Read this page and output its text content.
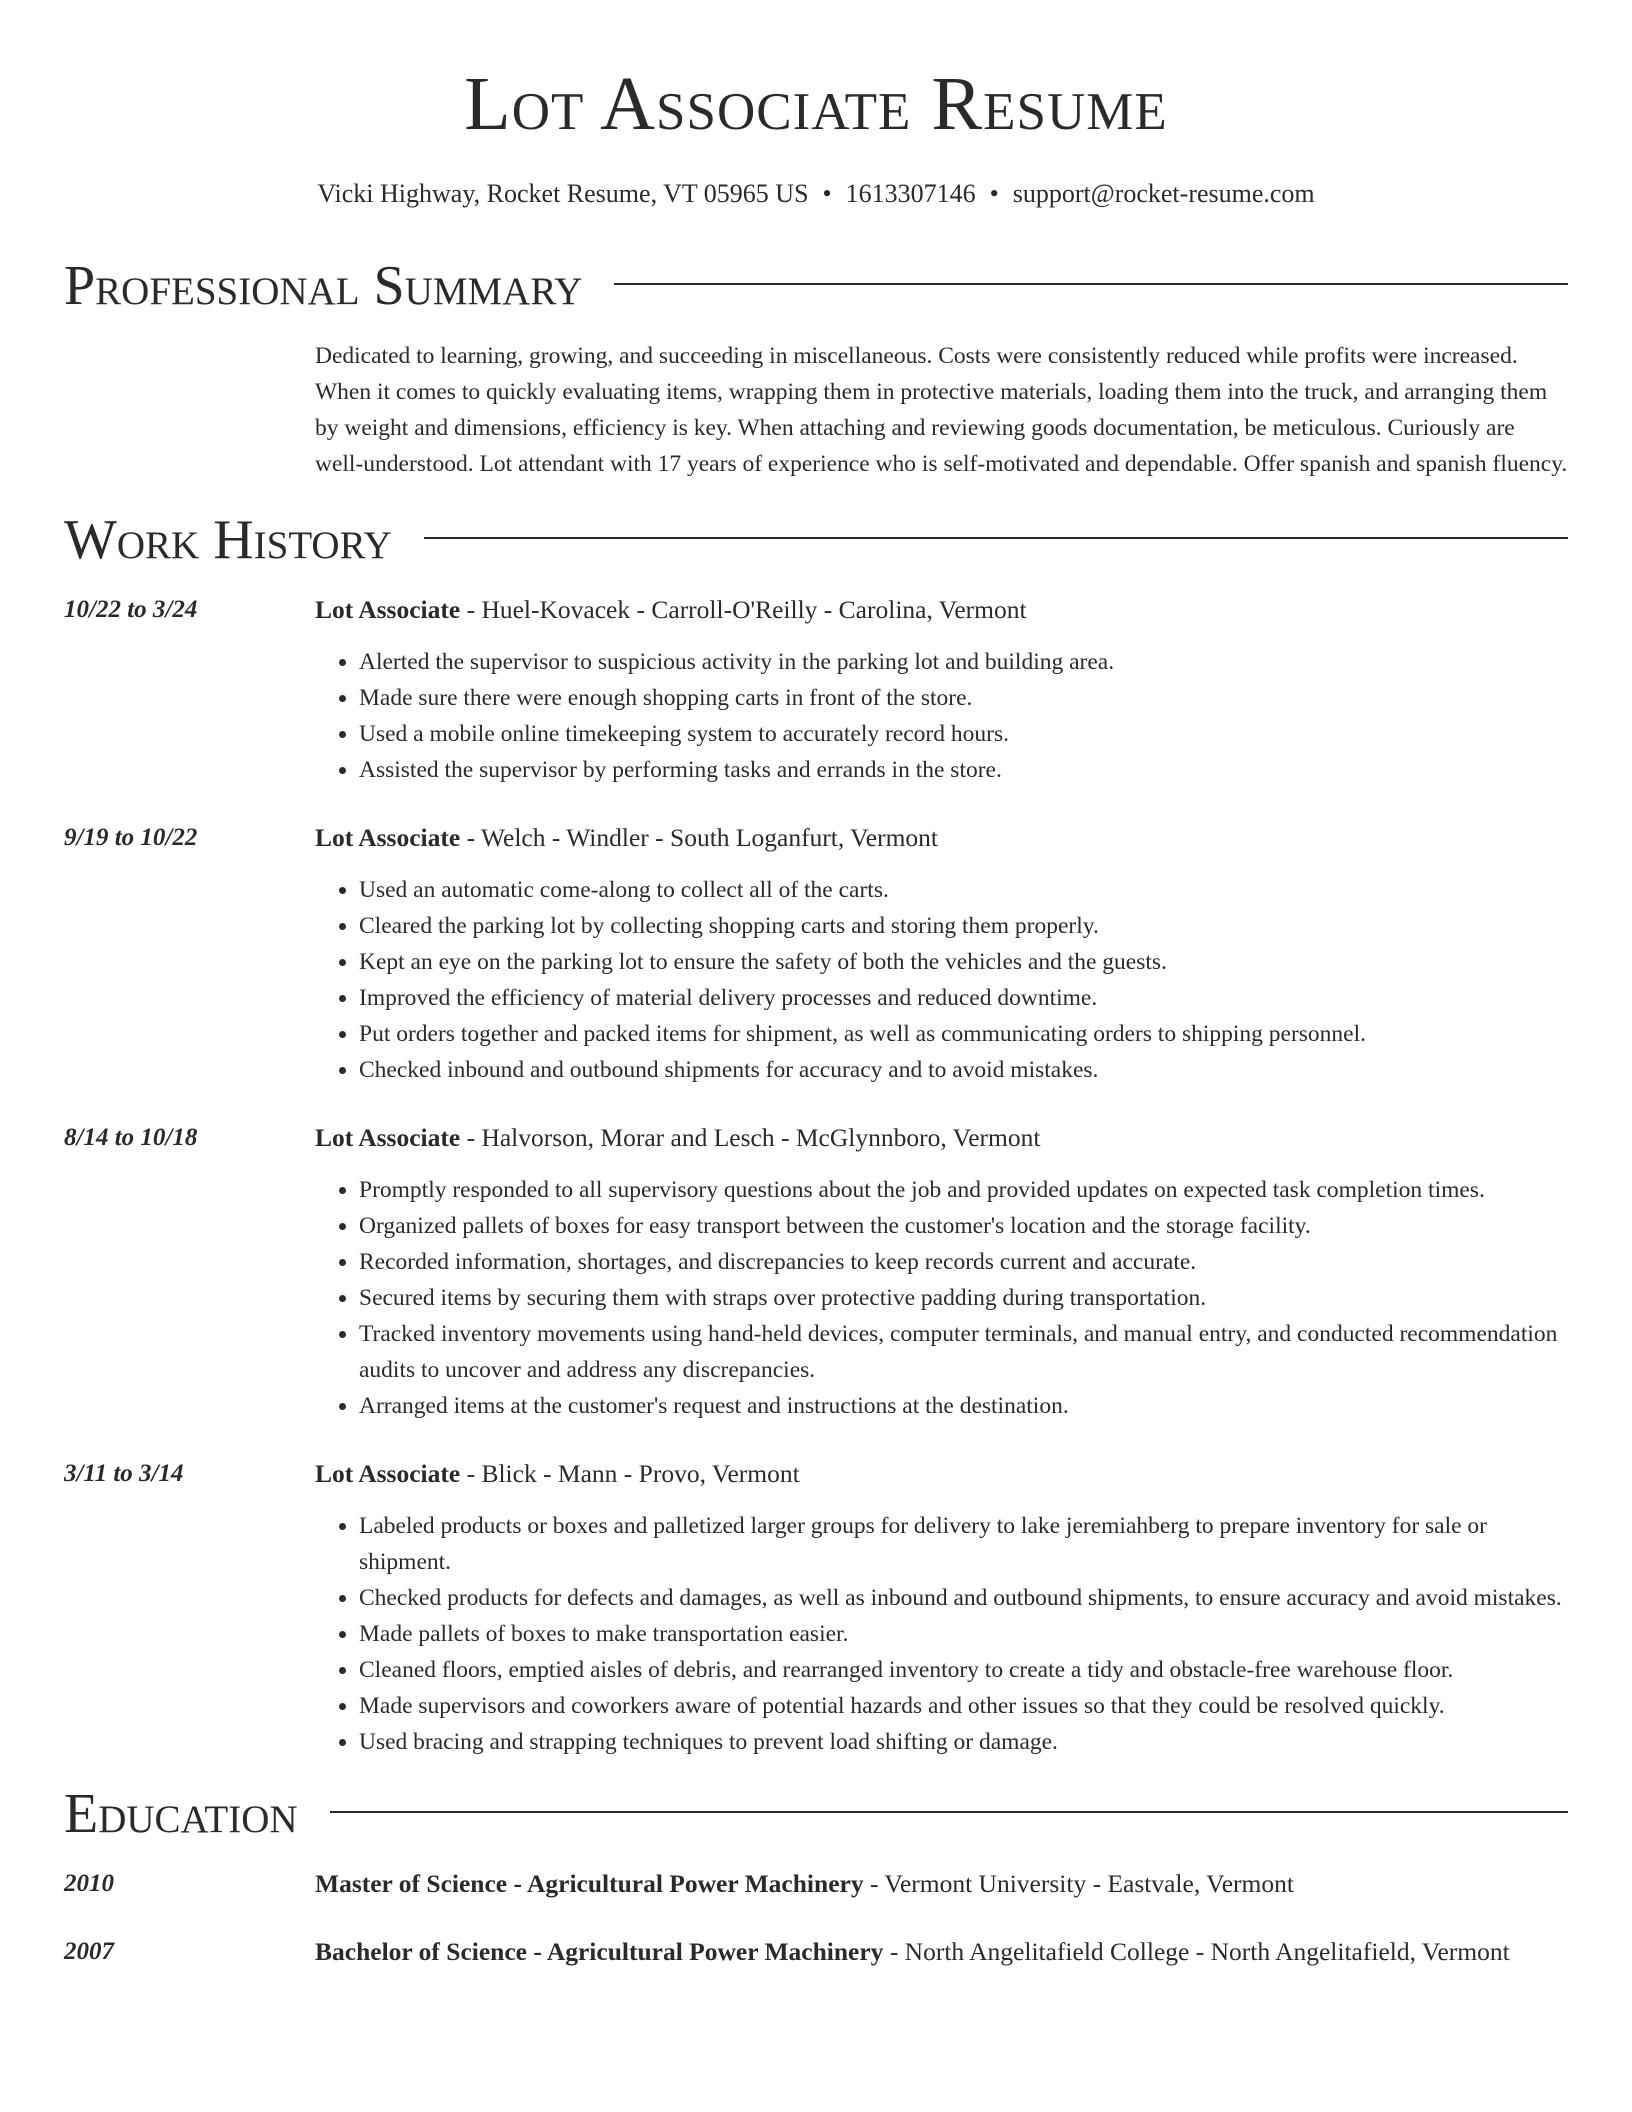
Lot Associate Resume
Vicki Highway, Rocket Resume, VT 05965 US • 1613307146 • support@rocket-resume.com
Professional Summary
Dedicated to learning, growing, and succeeding in miscellaneous. Costs were consistently reduced while profits were increased. When it comes to quickly evaluating items, wrapping them in protective materials, loading them into the truck, and arranging them by weight and dimensions, efficiency is key. When attaching and reviewing goods documentation, be meticulous. Curiously are well-understood. Lot attendant with 17 years of experience who is self-motivated and dependable. Offer spanish and spanish fluency.
Work History
10/22 to 3/24	Lot Associate - Huel-Kovacek - Carroll-O'Reilly - Carolina, Vermont
• Alerted the supervisor to suspicious activity in the parking lot and building area.
• Made sure there were enough shopping carts in front of the store.
• Used a mobile online timekeeping system to accurately record hours.
• Assisted the supervisor by performing tasks and errands in the store.
9/19 to 10/22	Lot Associate - Welch - Windler - South Loganfurt, Vermont
• Used an automatic come-along to collect all of the carts.
• Cleared the parking lot by collecting shopping carts and storing them properly.
• Kept an eye on the parking lot to ensure the safety of both the vehicles and the guests.
• Improved the efficiency of material delivery processes and reduced downtime.
• Put orders together and packed items for shipment, as well as communicating orders to shipping personnel.
• Checked inbound and outbound shipments for accuracy and to avoid mistakes.
8/14 to 10/18	Lot Associate - Halvorson, Morar and Lesch - McGlynnboro, Vermont
• Promptly responded to all supervisory questions about the job and provided updates on expected task completion times.
• Organized pallets of boxes for easy transport between the customer's location and the storage facility.
• Recorded information, shortages, and discrepancies to keep records current and accurate.
• Secured items by securing them with straps over protective padding during transportation.
• Tracked inventory movements using hand-held devices, computer terminals, and manual entry, and conducted recommendation audits to uncover and address any discrepancies.
• Arranged items at the customer's request and instructions at the destination.
3/11 to 3/14	Lot Associate - Blick - Mann - Provo, Vermont
• Labeled products or boxes and palletized larger groups for delivery to lake jeremiahberg to prepare inventory for sale or shipment.
• Checked products for defects and damages, as well as inbound and outbound shipments, to ensure accuracy and avoid mistakes.
• Made pallets of boxes to make transportation easier.
• Cleaned floors, emptied aisles of debris, and rearranged inventory to create a tidy and obstacle-free warehouse floor.
• Made supervisors and coworkers aware of potential hazards and other issues so that they could be resolved quickly.
• Used bracing and strapping techniques to prevent load shifting or damage.
Education
2010	Master of Science - Agricultural Power Machinery - Vermont University - Eastvale, Vermont
2007	Bachelor of Science - Agricultural Power Machinery - North Angelitafield College - North Angelitafield, Vermont
